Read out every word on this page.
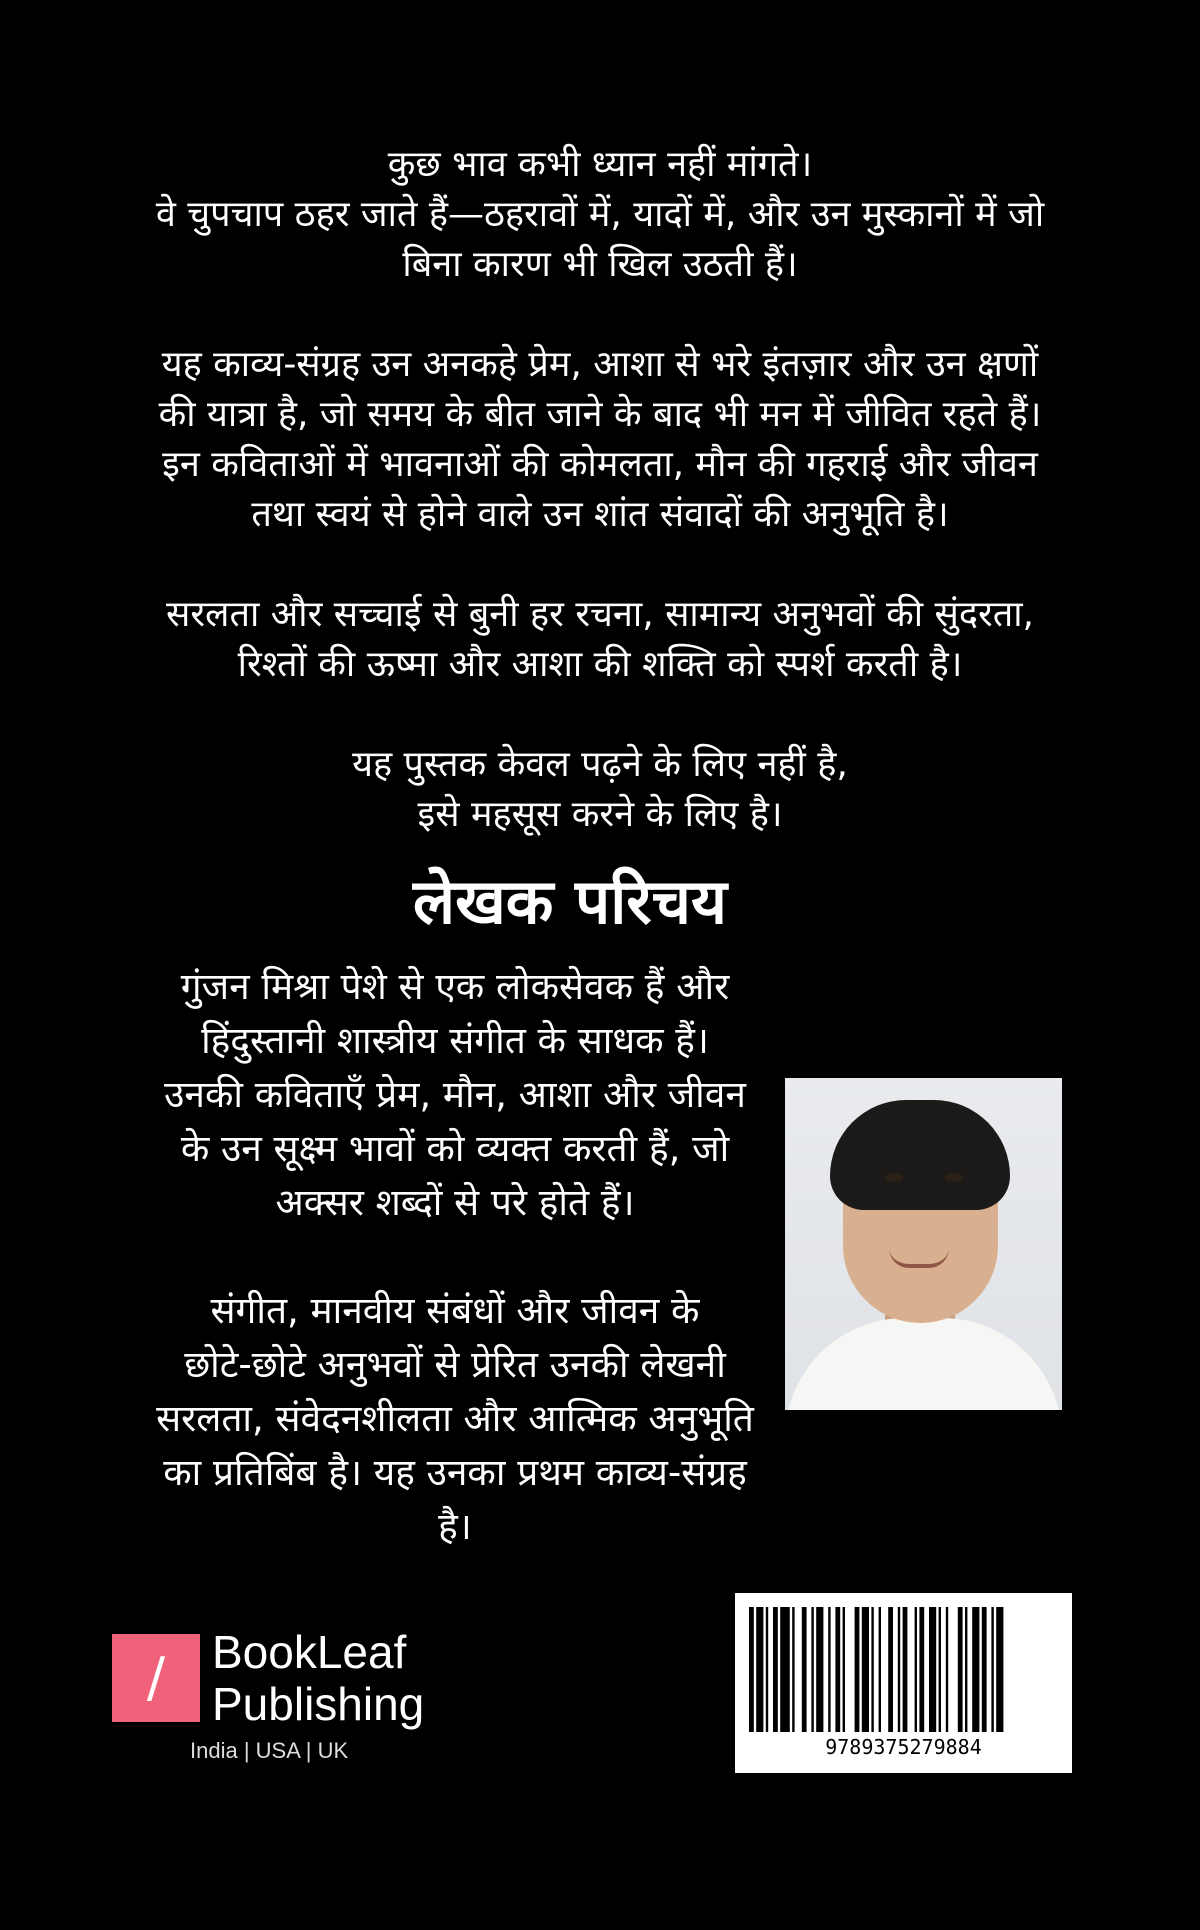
कुछ भाव कभी ध्यान नहीं मांगते।
वे चुपचाप ठहर जाते हैं—ठहरावों में, यादों में, और उन मुस्कानों में जो
बिना कारण भी खिल उठती हैं।

यह काव्य-संग्रह उन अनकहे प्रेम, आशा से भरे इंतज़ार और उन क्षणों
की यात्रा है, जो समय के बीत जाने के बाद भी मन में जीवित रहते हैं।
इन कविताओं में भावनाओं की कोमलता, मौन की गहराई और जीवन
तथा स्वयं से होने वाले उन शांत संवादों की अनुभूति है।

सरलता और सच्चाई से बुनी हर रचना, सामान्य अनुभवों की सुंदरता,
रिश्तों की ऊष्मा और आशा की शक्ति को स्पर्श करती है।

यह पुस्तक केवल पढ़ने के लिए नहीं है,
इसे महसूस करने के लिए है।

लेखक परिचय

गुंजन मिश्रा पेशे से एक लोकसेवक हैं और
हिंदुस्तानी शास्त्रीय संगीत के साधक हैं।
उनकी कविताएँ प्रेम, मौन, आशा और जीवन
के उन सूक्ष्म भावों को व्यक्त करती हैं, जो
अक्सर शब्दों से परे होते हैं।

संगीत, मानवीय संबंधों और जीवन के
छोटे-छोटे अनुभवों से प्रेरित उनकी लेखनी
सरलता, संवेदनशीलता और आत्मिक अनुभूति
का प्रतिबिंब है। यह उनका प्रथम काव्य-संग्रह
है।

/	BookLeaf
Publishing
India | USA | UK	9789375279884
